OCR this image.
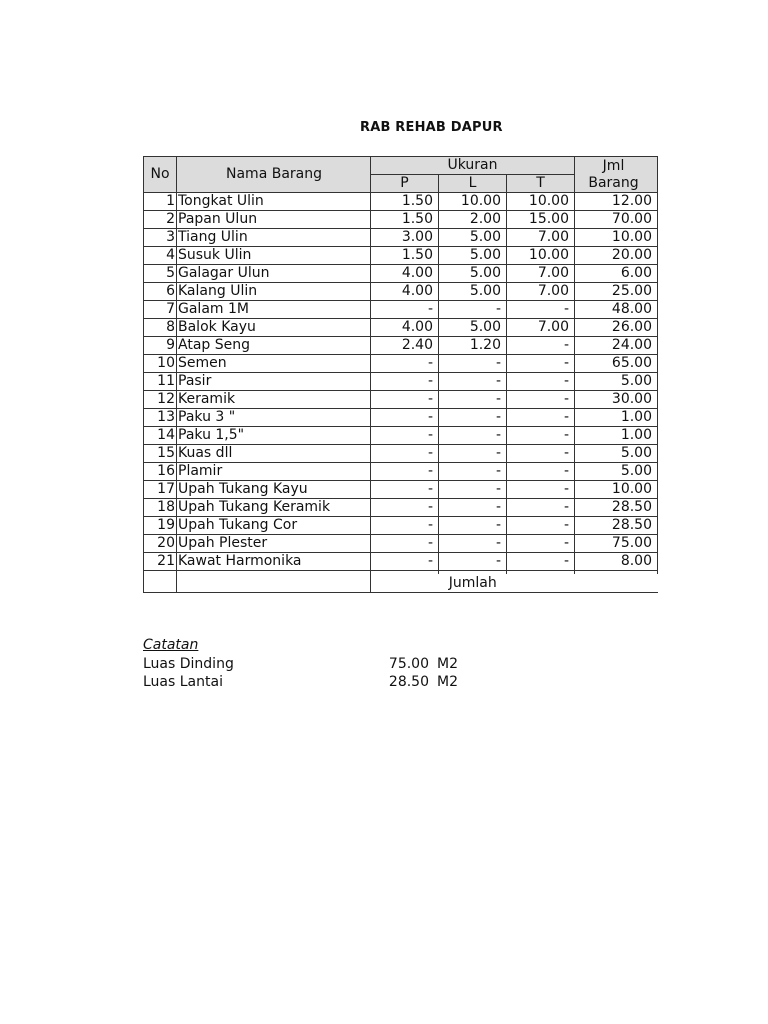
RAB REHAB DAPUR
No	Nama Barang	Ukuran			Jml
Barang

		P	L	T	
1	Tongkat Ulin	1.50	10.00	10.00	12.00
2	Papan Ulun	1.50	2.00	15.00	70.00
3	Tiang Ulin	3.00	5.00	7.00	10.00
4	Susuk Ulin	1.50	5.00	10.00	20.00
5	Galagar Ulun	4.00	5.00	7.00	6.00
6	Kalang Ulin	4.00	5.00	7.00	25.00
7	Galam 1M	-	-	-	48.00
8	Balok Kayu	4.00	5.00	7.00	26.00
9	Atap Seng	2.40	1.20	-	24.00
10	Semen	-	-	-	65.00
11	Pasir	-	-	-	5.00
12	Keramik	-	-	-	30.00
13	Paku 3 "	-	-	-	1.00
14	Paku 1,5"	-	-	-	1.00
15	Kuas dll	-	-	-	5.00
16	Plamir	-	-	-	5.00
17	Upah Tukang Kayu	-	-	-	10.00
18	Upah Tukang Keramik	-	-	-	28.50
19	Upah Tukang Cor	-	-	-	28.50
20	Upah Plester	-	-	-	75.00
21	Kawat Harmonika	-	-	-	8.00

		Jumlah			
Catatan
Luas Dinding	75.00 M2
Luas Lantai	28.50 M2
